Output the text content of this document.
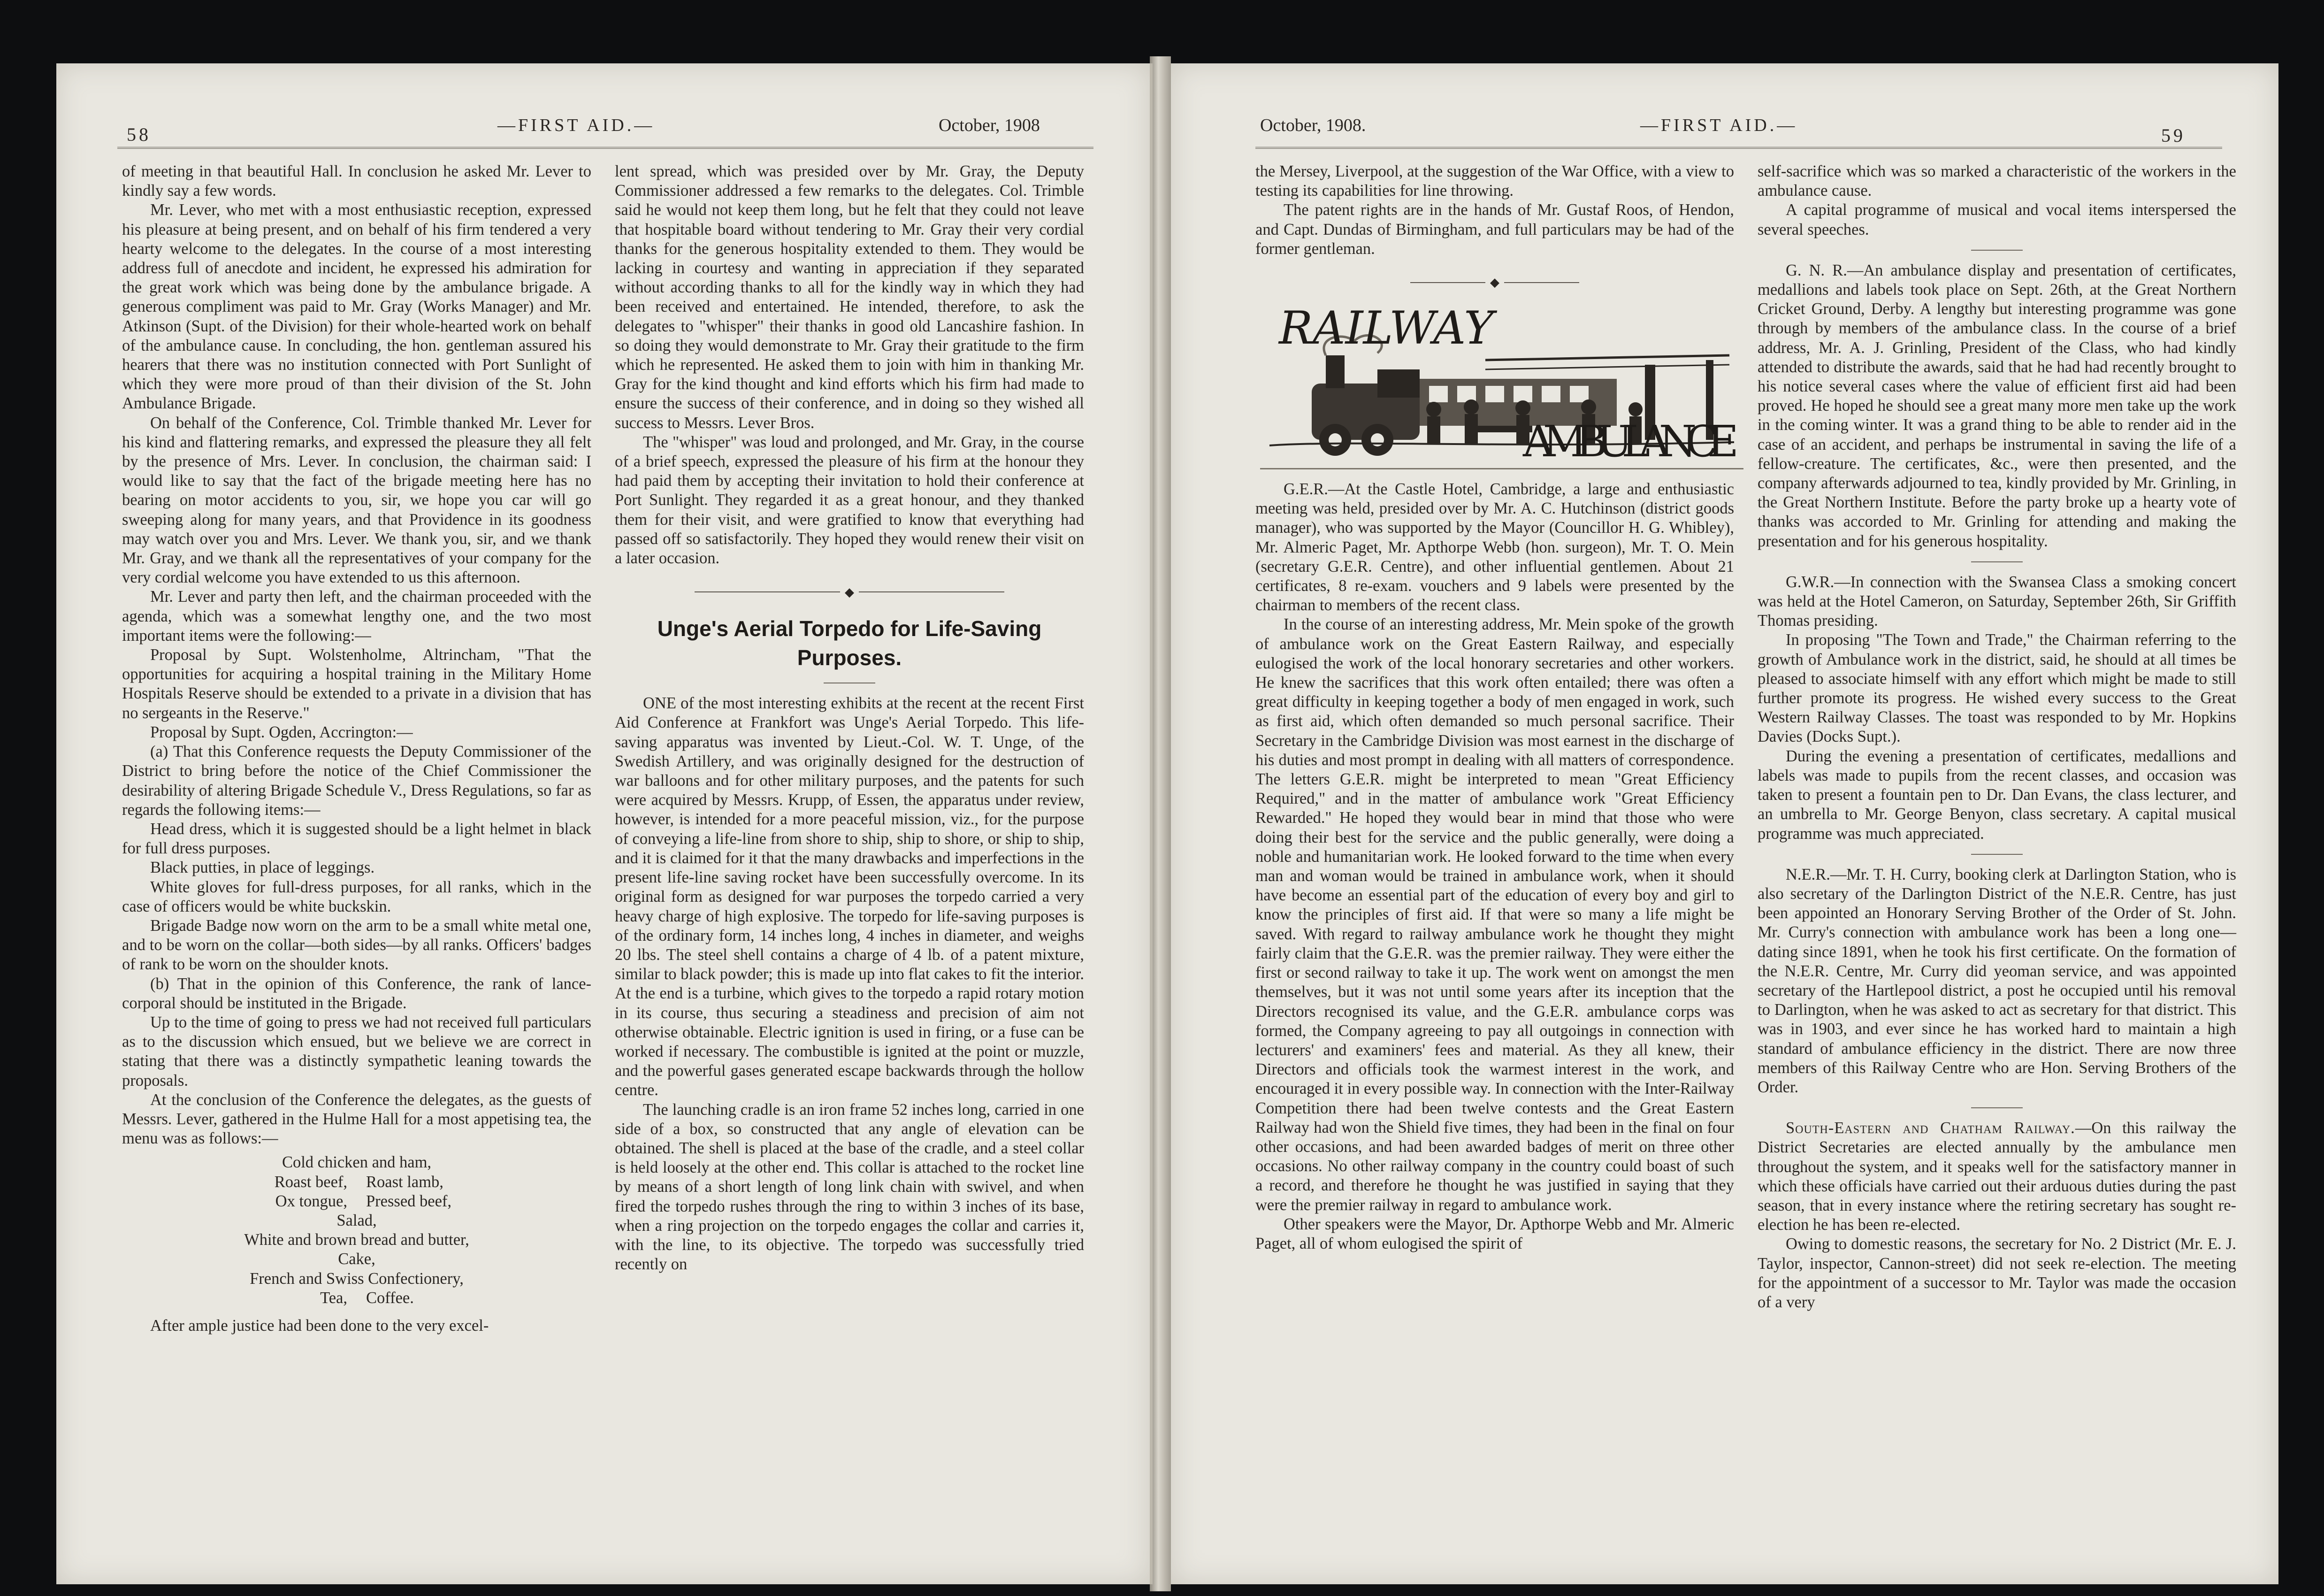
58	—FIRST AID.—	October, 1908

of meeting in that beautiful Hall. In conclusion he asked Mr. Lever to kindly say a few words.

Mr. Lever, who met with a most enthusiastic reception, expressed his pleasure at being present, and on behalf of his firm tendered a very hearty welcome to the delegates. In the course of a most interesting address full of anecdote and incident, he expressed his admiration for the great work which was being done by the ambulance brigade. A generous compliment was paid to Mr. Gray (Works Manager) and Mr. Atkinson (Supt. of the Division) for their whole-hearted work on behalf of the ambulance cause. In concluding, the hon. gentleman assured his hearers that there was no institution connected with Port Sunlight of which they were more proud of than their division of the St. John Ambulance Brigade.

On behalf of the Conference, Col. Trimble thanked Mr. Lever for his kind and flattering remarks, and expressed the pleasure they all felt by the presence of Mrs. Lever. In conclusion, the chairman said: I would like to say that the fact of the brigade meeting here has no bearing on motor accidents to you, sir, we hope you car will go sweeping along for many years, and that Providence in its goodness may watch over you and Mrs. Lever. We thank you, sir, and we thank Mr. Gray, and we thank all the representatives of your company for the very cordial welcome you have extended to us this afternoon.

Mr. Lever and party then left, and the chairman proceeded with the agenda, which was a somewhat lengthy one, and the two most important items were the following:—

Proposal by Supt. Wolstenholme, Altrincham, "That the opportunities for acquiring a hospital training in the Military Home Hospitals Reserve should be extended to a private in a division that has no sergeants in the Reserve."

Proposal by Supt. Ogden, Accrington:—

(a) That this Conference requests the Deputy Commissioner of the District to bring before the notice of the Chief Commissioner the desirability of altering Brigade Schedule V., Dress Regulations, so far as regards the following items:—

Head dress, which it is suggested should be a light helmet in black for full dress purposes.

Black putties, in place of leggings.

White gloves for full-dress purposes, for all ranks, which in the case of officers would be white buckskin.

Brigade Badge now worn on the arm to be a small white metal one, and to be worn on the collar—both sides—by all ranks. Officers' badges of rank to be worn on the shoulder knots.

(b) That in the opinion of this Conference, the rank of lance-corporal should be instituted in the Brigade.

Up to the time of going to press we had not received full particulars as to the discussion which ensued, but we believe we are correct in stating that there was a distinctly sympathetic leaning towards the proposals.

At the conclusion of the Conference the delegates, as the guests of Messrs. Lever, gathered in the Hulme Hall for a most appetising tea, the menu was as follows:—

Cold chicken and ham,
Roast beef,	Roast lamb,
Ox tongue,	Pressed beef,
Salad,
White and brown bread and butter,
Cake,
French and Swiss Confectionery,
Tea,	Coffee.

After ample justice had been done to the very excel-

lent spread, which was presided over by Mr. Gray, the Deputy Commissioner addressed a few remarks to the delegates. Col. Trimble said he would not keep them long, but he felt that they could not leave that hospitable board without tendering to Mr. Gray their very cordial thanks for the generous hospitality extended to them. They would be lacking in courtesy and wanting in appreciation if they separated without according thanks to all for the kindly way in which they had been received and entertained. He intended, therefore, to ask the delegates to "whisper" their thanks in good old Lancashire fashion. In so doing they would demonstrate to Mr. Gray their gratitude to the firm which he represented. He asked them to join with him in thanking Mr. Gray for the kind thought and kind efforts which his firm had made to ensure the success of their conference, and in doing so they wished all success to Messrs. Lever Bros.

The "whisper" was loud and prolonged, and Mr. Gray, in the course of a brief speech, expressed the pleasure of his firm at the honour they had paid them by accepting their invitation to hold their conference at Port Sunlight. They regarded it as a great honour, and they thanked them for their visit, and were gratified to know that everything had passed off so satisfactorily. They hoped they would renew their visit on a later occasion.

◆
Unge's Aerial Torpedo for Life-Saving Purposes.

ONE of the most interesting exhibits at the recent at the recent First Aid Conference at Frankfort was Unge's Aerial Torpedo. This life-saving apparatus was invented by Lieut.-Col. W. T. Unge, of the Swedish Artillery, and was originally designed for the destruction of war balloons and for other military purposes, and the patents for such were acquired by Messrs. Krupp, of Essen, the apparatus under review, however, is intended for a more peaceful mission, viz., for the purpose of conveying a life-line from shore to ship, ship to shore, or ship to ship, and it is claimed for it that the many drawbacks and imperfections in the present life-line saving rocket have been successfully overcome. In its original form as designed for war purposes the torpedo carried a very heavy charge of high explosive. The torpedo for life-saving purposes is of the ordinary form, 14 inches long, 4 inches in diameter, and weighs 20 lbs. The steel shell contains a charge of 4 lb. of a patent mixture, similar to black powder; this is made up into flat cakes to fit the interior. At the end is a turbine, which gives to the torpedo a rapid rotary motion in its course, thus securing a steadiness and precision of aim not otherwise obtainable. Electric ignition is used in firing, or a fuse can be worked if necessary. The combustible is ignited at the point or muzzle, and the powerful gases generated escape backwards through the hollow centre.

The launching cradle is an iron frame 52 inches long, carried in one side of a box, so constructed that any angle of elevation can be obtained. The shell is placed at the base of the cradle, and a steel collar is held loosely at the other end. This collar is attached to the rocket line by means of a short length of long link chain with swivel, and when fired the torpedo rushes through the ring to within 3 inches of its base, when a ring projection on the torpedo engages the collar and carries it, with the line, to its objective. The torpedo was successfully tried recently on

October, 1908.	—FIRST AID.—	59

the Mersey, Liverpool, at the suggestion of the War Office, with a view to testing its capabilities for line throwing.

The patent rights are in the hands of Mr. Gustaf Roos, of Hendon, and Capt. Dundas of Birmingham, and full particulars may be had of the former gentleman.

◆
RAILWAY
AMBULANCE

G.E.R.—At the Castle Hotel, Cambridge, a large and enthusiastic meeting was held, presided over by Mr. A. C. Hutchinson (district goods manager), who was supported by the Mayor (Councillor H. G. Whibley), Mr. Almeric Paget, Mr. Apthorpe Webb (hon. surgeon), Mr. T. O. Mein (secretary G.E.R. Centre), and other influential gentlemen. About 21 certificates, 8 re-exam. vouchers and 9 labels were presented by the chairman to members of the recent class.

In the course of an interesting address, Mr. Mein spoke of the growth of ambulance work on the Great Eastern Railway, and especially eulogised the work of the local honorary secretaries and other workers. He knew the sacrifices that this work often entailed; there was often a great difficulty in keeping together a body of men engaged in work, such as first aid, which often demanded so much personal sacrifice. Their Secretary in the Cambridge Division was most earnest in the discharge of his duties and most prompt in dealing with all matters of correspondence. The letters G.E.R. might be interpreted to mean "Great Efficiency Required," and in the matter of ambulance work "Great Efficiency Rewarded." He hoped they would bear in mind that those who were doing their best for the service and the public generally, were doing a noble and humanitarian work. He looked forward to the time when every man and woman would be trained in ambulance work, when it should have become an essential part of the education of every boy and girl to know the principles of first aid. If that were so many a life might be saved. With regard to railway ambulance work he thought they might fairly claim that the G.E.R. was the premier railway. They were either the first or second railway to take it up. The work went on amongst the men themselves, but it was not until some years after its inception that the Directors recognised its value, and the G.E.R. ambulance corps was formed, the Company agreeing to pay all outgoings in connection with lecturers' and examiners' fees and material. As they all knew, their Directors and officials took the warmest interest in the work, and encouraged it in every possible way. In connection with the Inter-Railway Competition there had been twelve contests and the Great Eastern Railway had won the Shield five times, they had been in the final on four other occasions, and had been awarded badges of merit on three other occasions. No other railway company in the country could boast of such a record, and therefore he thought he was justified in saying that they were the premier railway in regard to ambulance work.

Other speakers were the Mayor, Dr. Apthorpe Webb and Mr. Almeric Paget, all of whom eulogised the spirit of

self-sacrifice which was so marked a characteristic of the workers in the ambulance cause.

A capital programme of musical and vocal items interspersed the several speeches.

G. N. R.—An ambulance display and presentation of certificates, medallions and labels took place on Sept. 26th, at the Great Northern Cricket Ground, Derby. A lengthy but interesting programme was gone through by members of the ambulance class. In the course of a brief address, Mr. A. J. Grinling, President of the Class, who had kindly attended to distribute the awards, said that he had had recently brought to his notice several cases where the value of efficient first aid had been proved. He hoped he should see a great many more men take up the work in the coming winter. It was a grand thing to be able to render aid in the case of an accident, and perhaps be instrumental in saving the life of a fellow-creature. The certificates, &c., were then presented, and the company afterwards adjourned to tea, kindly provided by Mr. Grinling, in the Great Northern Institute. Before the party broke up a hearty vote of thanks was accorded to Mr. Grinling for attending and making the presentation and for his generous hospitality.

G.W.R.—In connection with the Swansea Class a smoking concert was held at the Hotel Cameron, on Saturday, September 26th, Sir Griffith Thomas presiding.

In proposing "The Town and Trade," the Chairman referring to the growth of Ambulance work in the district, said, he should at all times be pleased to associate himself with any effort which might be made to still further promote its progress. He wished every success to the Great Western Railway Classes. The toast was responded to by Mr. Hopkins Davies (Docks Supt.).

During the evening a presentation of certificates, medallions and labels was made to pupils from the recent classes, and occasion was taken to present a fountain pen to Dr. Dan Evans, the class lecturer, and an umbrella to Mr. George Benyon, class secretary. A capital musical programme was much appreciated.

N.E.R.—Mr. T. H. Curry, booking clerk at Darlington Station, who is also secretary of the Darlington District of the N.E.R. Centre, has just been appointed an Honorary Serving Brother of the Order of St. John. Mr. Curry's connection with ambulance work has been a long one—dating since 1891, when he took his first certificate. On the formation of the N.E.R. Centre, Mr. Curry did yeoman service, and was appointed secretary of the Hartlepool district, a post he occupied until his removal to Darlington, when he was asked to act as secretary for that district. This was in 1903, and ever since he has worked hard to maintain a high standard of ambulance efficiency in the district. There are now three members of this Railway Centre who are Hon. Serving Brothers of the Order.

South-Eastern and Chatham Railway.—On this railway the District Secretaries are elected annually by the ambulance men throughout the system, and it speaks well for the satisfactory manner in which these officials have carried out their arduous duties during the past season, that in every instance where the retiring secretary has sought re-election he has been re-elected.

Owing to domestic reasons, the secretary for No. 2 District (Mr. E. J. Taylor, inspector, Cannon-street) did not seek re-election. The meeting for the appointment of a successor to Mr. Taylor was made the occasion of a very
